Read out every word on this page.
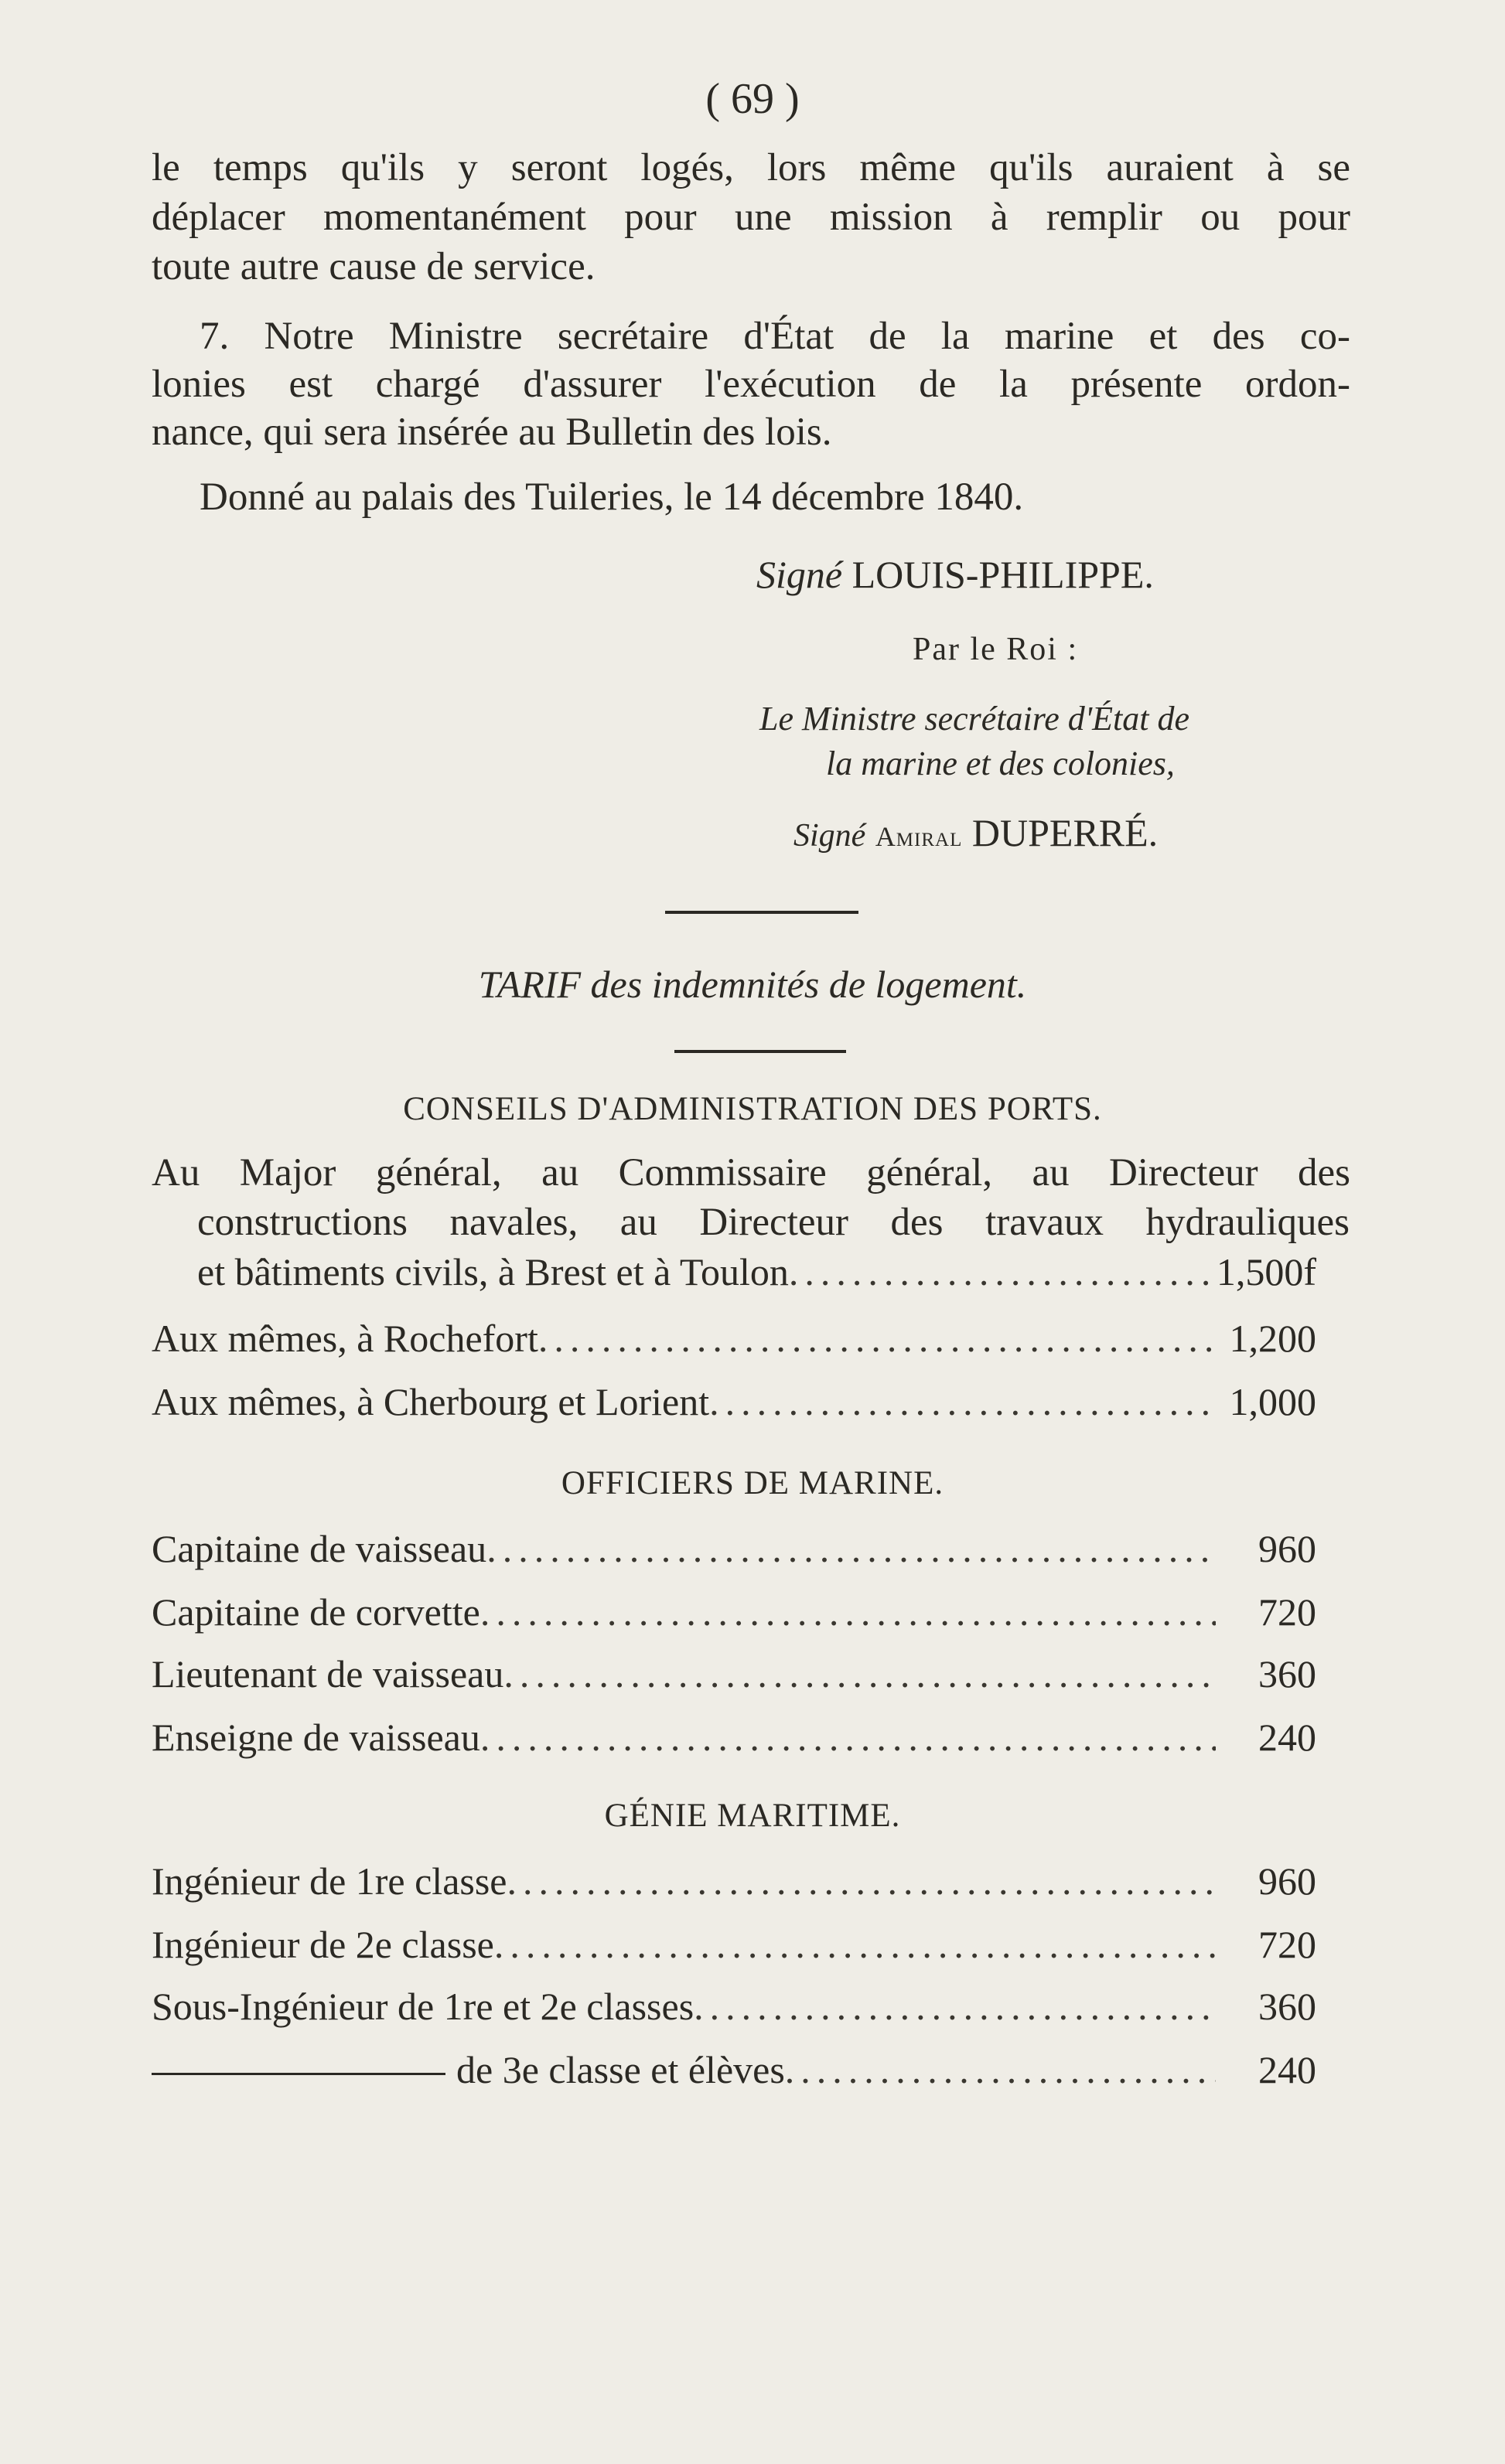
( 69 )
le temps qu'ils y seront logés, lors même qu'ils auraient à se
déplacer momentanément pour une mission à remplir ou pour
toute autre cause de service.
7. Notre Ministre secrétaire d'État de la marine et des co-
lonies est chargé d'assurer l'exécution de la présente ordon-
nance, qui sera insérée au Bulletin des lois.
Donné au palais des Tuileries, le 14 décembre 1840.
Signé LOUIS-PHILIPPE.
Par le Roi :
Le Ministre secrétaire d'État de
la marine et des colonies,
Signé Amiral DUPERRÉ.
TARIF des indemnités de logement.
CONSEILS D'ADMINISTRATION DES PORTS.
Au Major général, au Commissaire général, au Directeur des
constructions navales, au Directeur des travaux hydrauliques
et bâtiments civils, à Brest et à Toulon .....	1,500f
Aux mêmes, à Rochefort .....	1,200
Aux mêmes, à Cherbourg et Lorient .....	1,000
OFFICIERS DE MARINE.
Capitaine de vaisseau .....	960
Capitaine de corvette .....	720
Lieutenant de vaisseau .....	360
Enseigne de vaisseau .....	240
GÉNIE MARITIME.
Ingénieur de 1re classe .....	960
Ingénieur de 2e classe .....	720
Sous-Ingénieur de 1re et 2e classes .....	360
de 3e classe et élèves .....	240
